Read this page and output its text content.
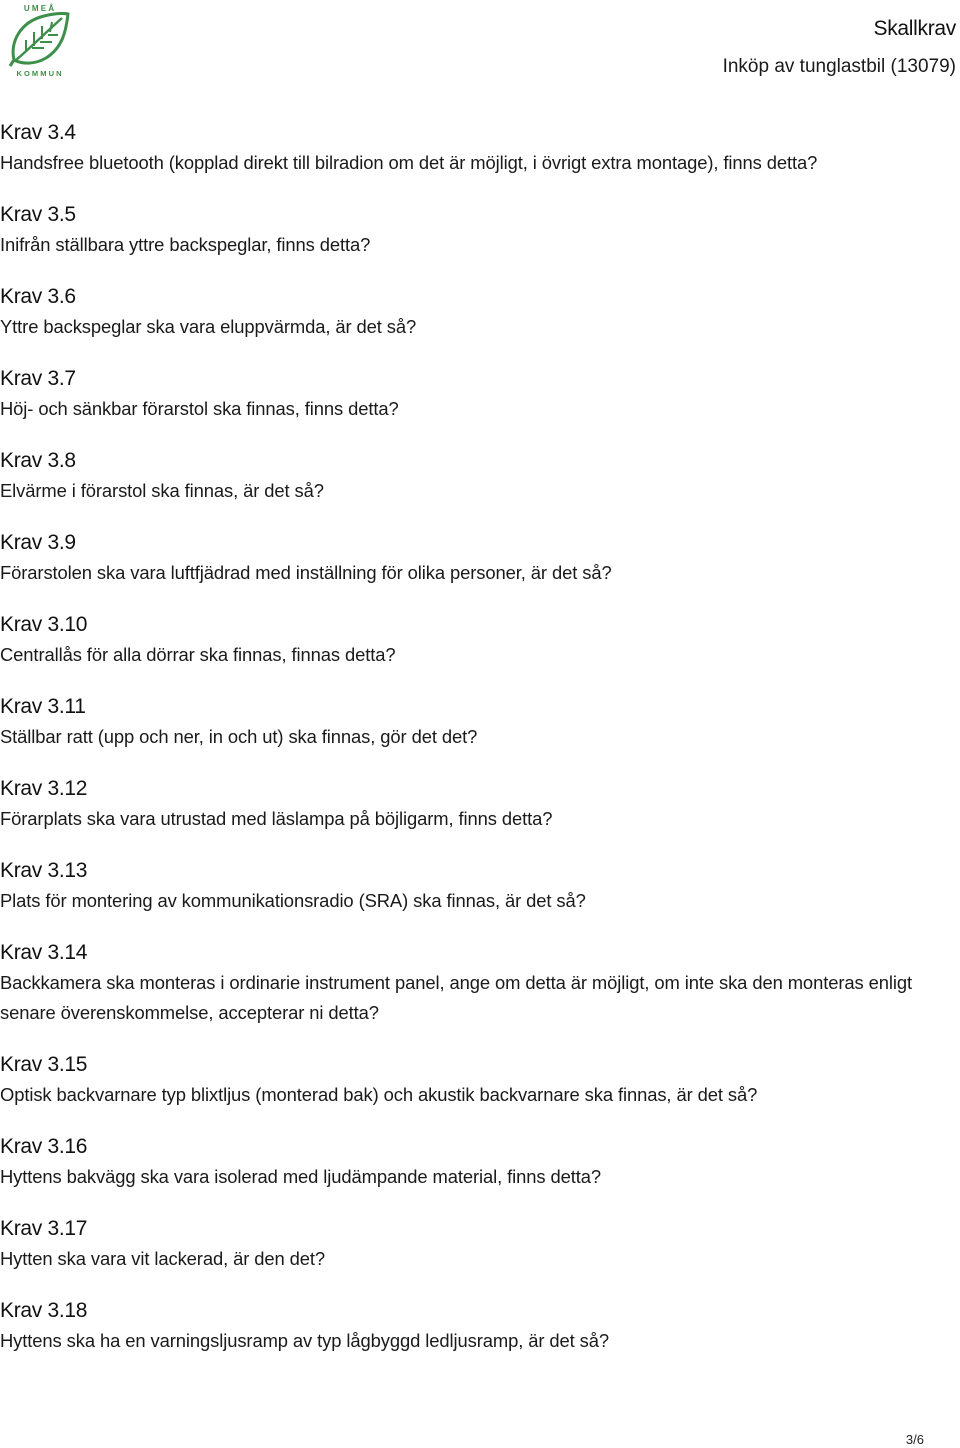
U M E Å
K O M M U N
Skallkrav
Inköp av tunglastbil (13079)
Krav 3.4
Handsfree bluetooth (kopplad direkt till bilradion om det är möjligt, i övrigt extra montage), finns detta?
Krav 3.5
Inifrån ställbara yttre backspeglar, finns detta?
Krav 3.6
Yttre backspeglar ska vara eluppvärmda, är det så?
Krav 3.7
Höj- och sänkbar förarstol ska finnas, finns detta?
Krav 3.8
Elvärme i förarstol ska finnas, är det så?
Krav 3.9
Förarstolen ska vara luftfjädrad med inställning för olika personer, är det så?
Krav 3.10
Centrallås för alla dörrar ska finnas, finnas detta?
Krav 3.11
Ställbar ratt (upp och ner, in och ut) ska finnas, gör det det?
Krav 3.12
Förarplats ska vara utrustad med läslampa på böjligarm, finns detta?
Krav 3.13
Plats för montering av kommunikationsradio (SRA) ska finnas, är det så?
Krav 3.14
Backkamera ska monteras i ordinarie instrument panel, ange om detta är möjligt, om inte ska den monteras enligt senare överenskommelse, accepterar ni detta?
Krav 3.15
Optisk backvarnare typ blixtljus (monterad bak) och akustik backvarnare ska finnas, är det så?
Krav 3.16
Hyttens bakvägg ska vara isolerad med ljudämpande material, finns detta?
Krav 3.17
Hytten ska vara vit lackerad, är den det?
Krav 3.18
Hyttens ska ha en varningsljusramp av typ lågbyggd ledljusramp, är det så?
3/6
